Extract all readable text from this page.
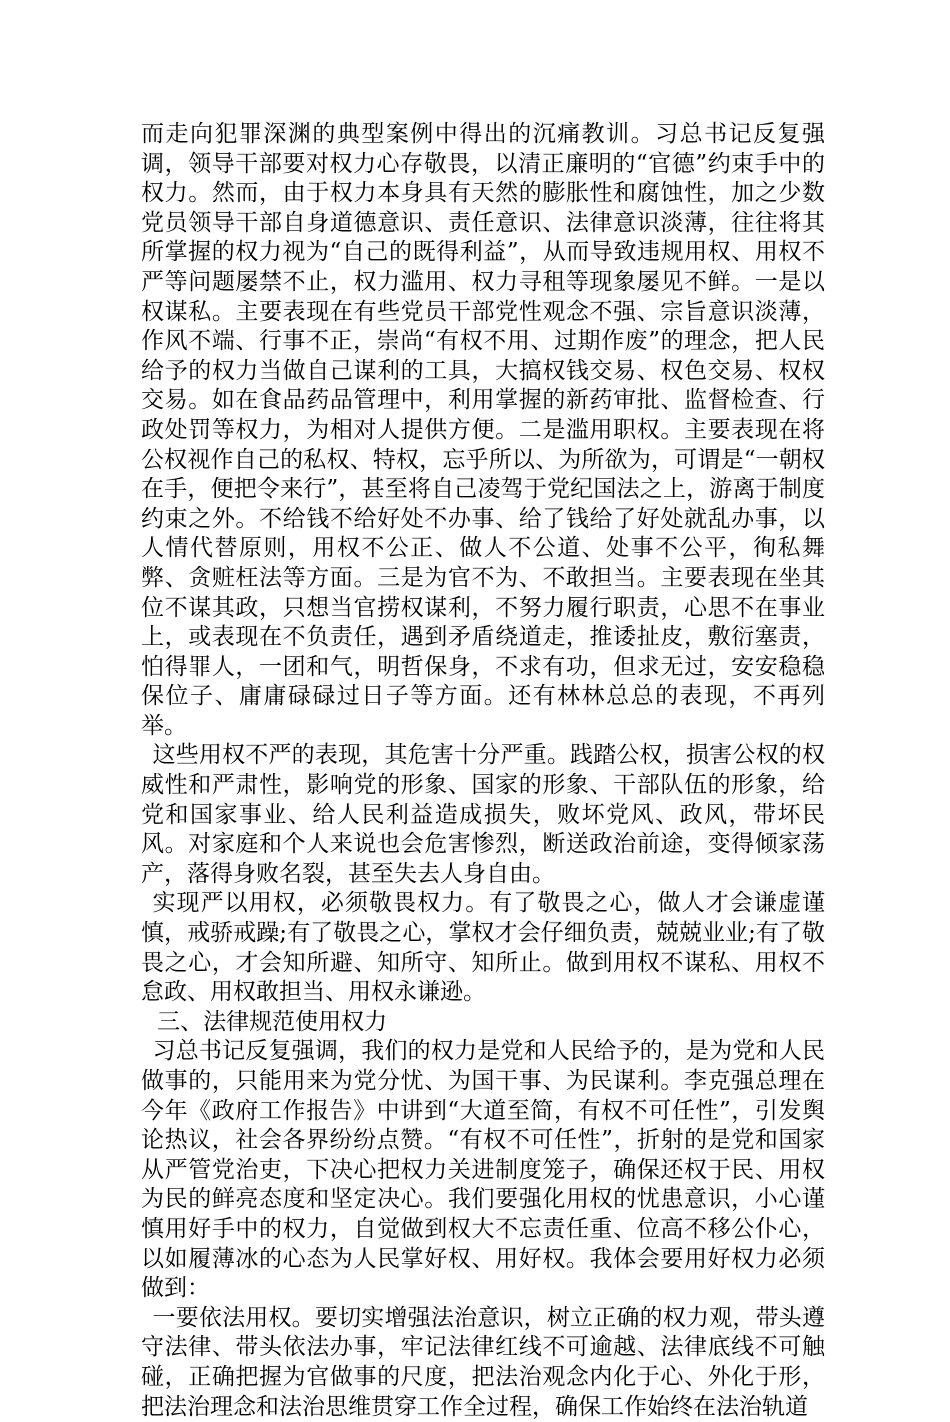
而走向犯罪深渊的典型案例中得出的沉痛教训。习总书记反复强调，领导干部要对权力心存敬畏，以清正廉明的“官德”约束手中的权力。然而，由于权力本身具有天然的膨胀性和腐蚀性，加之少数党员领导干部自身道德意识、责任意识、法律意识淡薄，往往将其所掌握的权力视为“自己的既得利益”，从而导致违规用权、用权不严等问题屡禁不止，权力滥用、权力寻租等现象屡见不鲜。一是以权谋私。主要表现在有些党员干部党性观念不强、宗旨意识淡薄，作风不端、行事不正，崇尚“有权不用、过期作废”的理念，把人民给予的权力当做自己谋利的工具，大搞权钱交易、权色交易、权权交易。如在食品药品管理中，利用掌握的新药审批、监督检查、行政处罚等权力，为相对人提供方便。二是滥用职权。主要表现在将公权视作自己的私权、特权，忘乎所以、为所欲为，可谓是“一朝权在手，便把令来行”，甚至将自己凌驾于党纪国法之上，游离于制度约束之外。不给钱不给好处不办事、给了钱给了好处就乱办事，以人情代替原则，用权不公正、做人不公道、处事不公平，徇私舞弊、贪赃枉法等方面。三是为官不为、不敢担当。主要表现在坐其位不谋其政，只想当官捞权谋利，不努力履行职责，心思不在事业上，或表现在不负责任，遇到矛盾绕道走，推诿扯皮，敷衍塞责，怕得罪人，一团和气，明哲保身，不求有功，但求无过，安安稳稳保位子、庸庸碌碌过日子等方面。还有林林总总的表现，不再列举。

这些用权不严的表现，其危害十分严重。践踏公权，损害公权的权威性和严肃性，影响党的形象、国家的形象、干部队伍的形象，给党和国家事业、给人民利益造成损失，败坏党风、政风，带坏民风。对家庭和个人来说也会危害惨烈，断送政治前途，变得倾家荡产，落得身败名裂，甚至失去人身自由。

实现严以用权，必须敬畏权力。有了敬畏之心，做人才会谦虚谨慎，戒骄戒躁;有了敬畏之心，掌权才会仔细负责，兢兢业业;有了敬畏之心，才会知所避、知所守、知所止。做到用权不谋私、用权不怠政、用权敢担当、用权永谦逊。

三、法律规范使用权力

习总书记反复强调，我们的权力是党和人民给予的，是为党和人民做事的，只能用来为党分忧、为国干事、为民谋利。李克强总理在今年《政府工作报告》中讲到“大道至简，有权不可任性”，引发舆论热议，社会各界纷纷点赞。“有权不可任性”，折射的是党和国家从严管党治吏，下决心把权力关进制度笼子，确保还权于民、用权为民的鲜亮态度和坚定决心。我们要强化用权的忧患意识，小心谨慎用好手中的权力，自觉做到权大不忘责任重、位高不移公仆心，以如履薄冰的心态为人民掌好权、用好权。我体会要用好权力必须做到：

一要依法用权。要切实增强法治意识，树立正确的权力观，带头遵守法律、带头依法办事，牢记法律红线不可逾越、法律底线不可触碰，正确把握为官做事的尺度，把法治观念内化于心、外化于形，把法治理念和法治思维贯穿工作全过程，确保工作始终在法治轨道
